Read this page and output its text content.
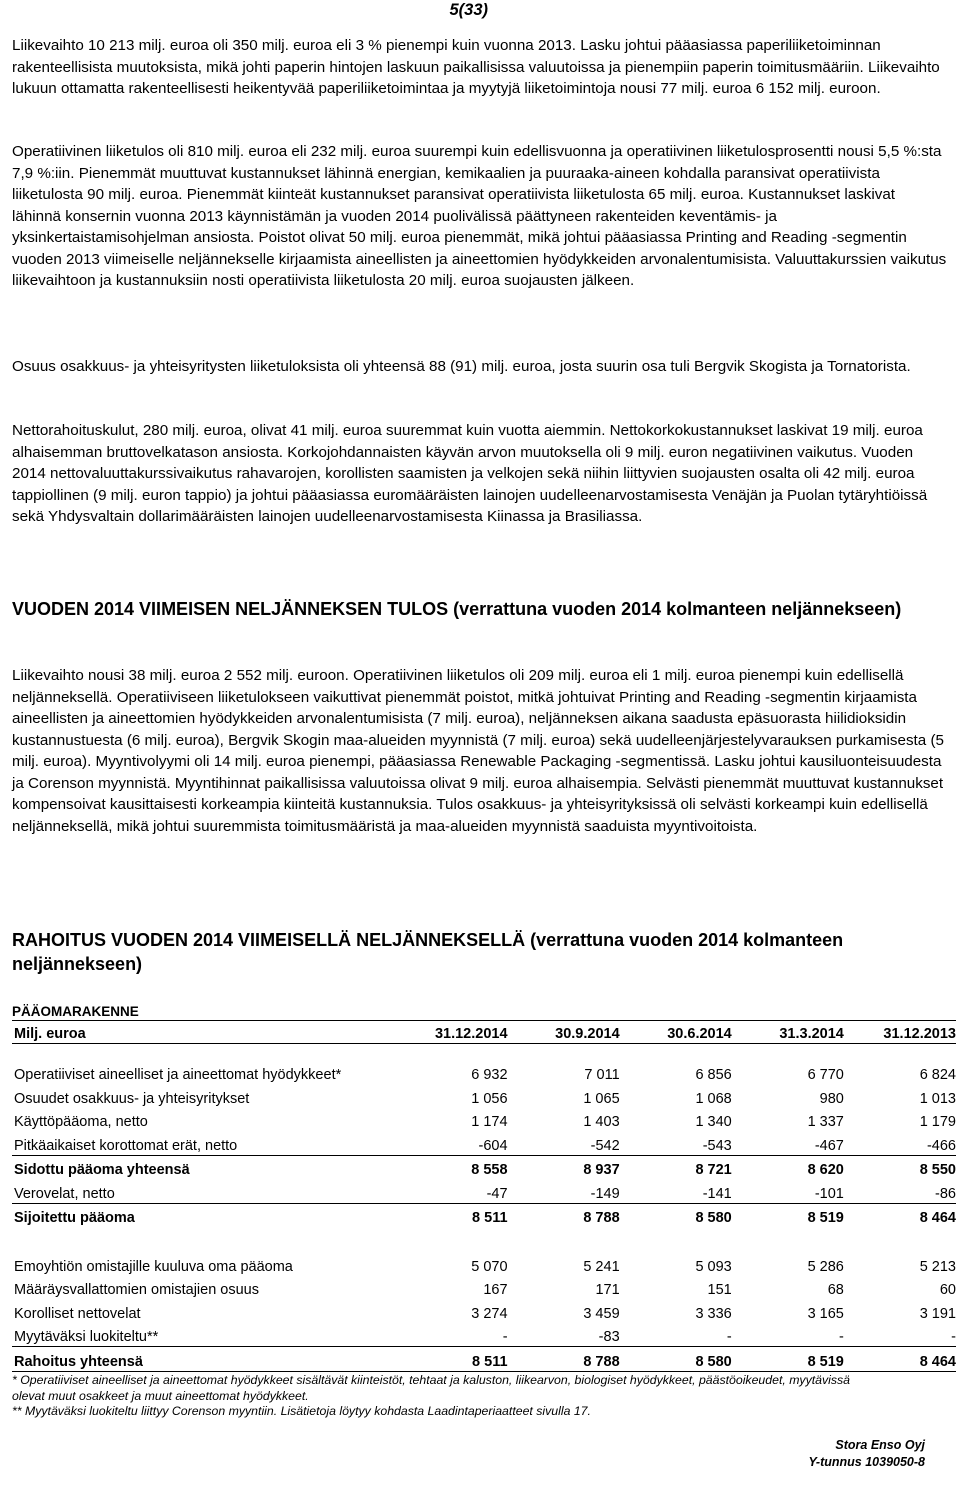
5(33)

Liikevaihto 10 213 milj. euroa oli 350 milj. euroa eli 3 % pienempi kuin vuonna 2013. Lasku johtui pääasiassa paperiliiketoiminnan rakenteellisista muutoksista, mikä johti paperin hintojen laskuun paikallisissa valuutoissa ja pienempiin paperin toimitusmääriin. Liikevaihto lukuun ottamatta rakenteellisesti heikentyvää paperiliiketoimintaa ja myytyjä liiketoimintoja nousi 77 milj. euroa 6 152 milj. euroon.

Operatiivinen liiketulos oli 810 milj. euroa eli 232 milj. euroa suurempi kuin edellisvuonna ja operatiivinen liiketulosprosentti nousi 5,5 %:sta 7,9 %:iin. Pienemmät muuttuvat kustannukset lähinnä energian, kemikaalien ja puuraaka-aineen kohdalla paransivat operatiivista liiketulosta 90 milj. euroa. Pienemmät kiinteät kustannukset paransivat operatiivista liiketulosta 65 milj. euroa. Kustannukset laskivat lähinnä konsernin vuonna 2013 käynnistämän ja vuoden 2014 puolivälissä päättyneen rakenteiden keventämis- ja yksinkertaistamisohjelman ansiosta. Poistot olivat 50 milj. euroa pienemmät, mikä johtui pääasiassa Printing and Reading -segmentin vuoden 2013 viimeiselle neljännekselle kirjaamista aineellisten ja aineettomien hyödykkeiden arvonalentumisista. Valuuttakurssien vaikutus liikevaihtoon ja kustannuksiin nosti operatiivista liiketulosta 20 milj. euroa suojausten jälkeen.

Osuus osakkuus- ja yhteisyritysten liiketuloksista oli yhteensä 88 (91) milj. euroa, josta suurin osa tuli Bergvik Skogista ja Tornatorista.

Nettorahoituskulut, 280 milj. euroa, olivat 41 milj. euroa suuremmat kuin vuotta aiemmin. Nettokorkokustannukset laskivat 19 milj. euroa alhaisemman bruttovelkatason ansiosta. Korkojohdannaisten käyvän arvon muutoksella oli 9 milj. euron negatiivinen vaikutus. Vuoden 2014 nettovaluuttakurssivaikutus rahavarojen, korollisten saamisten ja velkojen sekä niihin liittyvien suojausten osalta oli 42 milj. euroa tappiollinen (9 milj. euron tappio) ja johtui pääasiassa euromääräisten lainojen uudelleenarvostamisesta Venäjän ja Puolan tytäryhtiöissä sekä Yhdysvaltain dollarimääräisten lainojen uudelleenarvostamisesta Kiinassa ja Brasiliassa.

VUODEN 2014 VIIMEISEN NELJÄNNEKSEN TULOS (verrattuna vuoden 2014 kolmanteen neljännekseen)

Liikevaihto nousi 38 milj. euroa 2 552 milj. euroon. Operatiivinen liiketulos oli 209 milj. euroa eli 1 milj. euroa pienempi kuin edellisellä neljänneksellä. Operatiiviseen liiketulokseen vaikuttivat pienemmät poistot, mitkä johtuivat Printing and Reading -segmentin kirjaamista aineellisten ja aineettomien hyödykkeiden arvonalentumisista (7 milj. euroa), neljänneksen aikana saadusta epäsuorasta hiilidioksidin kustannustuesta (6 milj. euroa), Bergvik Skogin maa-alueiden myynnistä (7 milj. euroa) sekä uudelleenjärjestelyvarauksen purkamisesta (5 milj. euroa). Myyntivolyymi oli 14 milj. euroa pienempi, pääasiassa Renewable Packaging -segmentissä. Lasku johtui kausiluonteisuudesta ja Corenson myynnistä. Myyntihinnat paikallisissa valuutoissa olivat 9 milj. euroa alhaisempia. Selvästi pienemmät muuttuvat kustannukset kompensoivat kausittaisesti korkeampia kiinteitä kustannuksia. Tulos osakkuus- ja yhteisyrityksissä oli selvästi korkeampi kuin edellisellä neljänneksellä, mikä johtui suuremmista toimitusmääristä ja maa-alueiden myynnistä saaduista myyntivoitoista.

RAHOITUS VUODEN 2014 VIIMEISELLÄ NELJÄNNEKSELLÄ (verrattuna vuoden 2014 kolmanteen neljännekseen)
PÄÄOMARAKENNE
Milj. euroa	31.12.2014	30.9.2014	30.6.2014	31.3.2014	31.12.2013
Operatiiviset aineelliset ja aineettomat hyödykkeet*	6 932	7 011	6 856	6 770	6 824
Osuudet osakkuus- ja yhteisyritykset	1 056	1 065	1 068	980	1 013
Käyttöpääoma, netto	1 174	1 403	1 340	1 337	1 179
Pitkäaikaiset korottomat erät, netto	-604	-542	-543	-467	-466
Sidottu pääoma yhteensä	8 558	8 937	8 721	8 620	8 550
Verovelat, netto	-47	-149	-141	-101	-86
Sijoitettu pääoma	8 511	8 788	8 580	8 519	8 464

Emoyhtiön omistajille kuuluva oma pääoma	5 070	5 241	5 093	5 286	5 213
Määräysvallattomien omistajien osuus	167	171	151	68	60
Korolliset nettovelat	3 274	3 459	3 336	3 165	3 191
Myytäväksi luokiteltu**	-	-83	-	-	-
Rahoitus yhteensä	8 511	8 788	8 580	8 519	8 464

* Operatiiviset aineelliset ja aineettomat hyödykkeet sisältävät kiinteistöt, tehtaat ja kaluston, liikearvon, biologiset hyödykkeet, päästöoikeudet, myytävissä olevat muut osakkeet ja muut aineettomat hyödykkeet.

** Myytäväksi luokiteltu liittyy Corenson myyntiin. Lisätietoja löytyy kohdasta Laadintaperiaatteet sivulla 17.

Stora Enso Oyj
Y-tunnus 1039050-8
